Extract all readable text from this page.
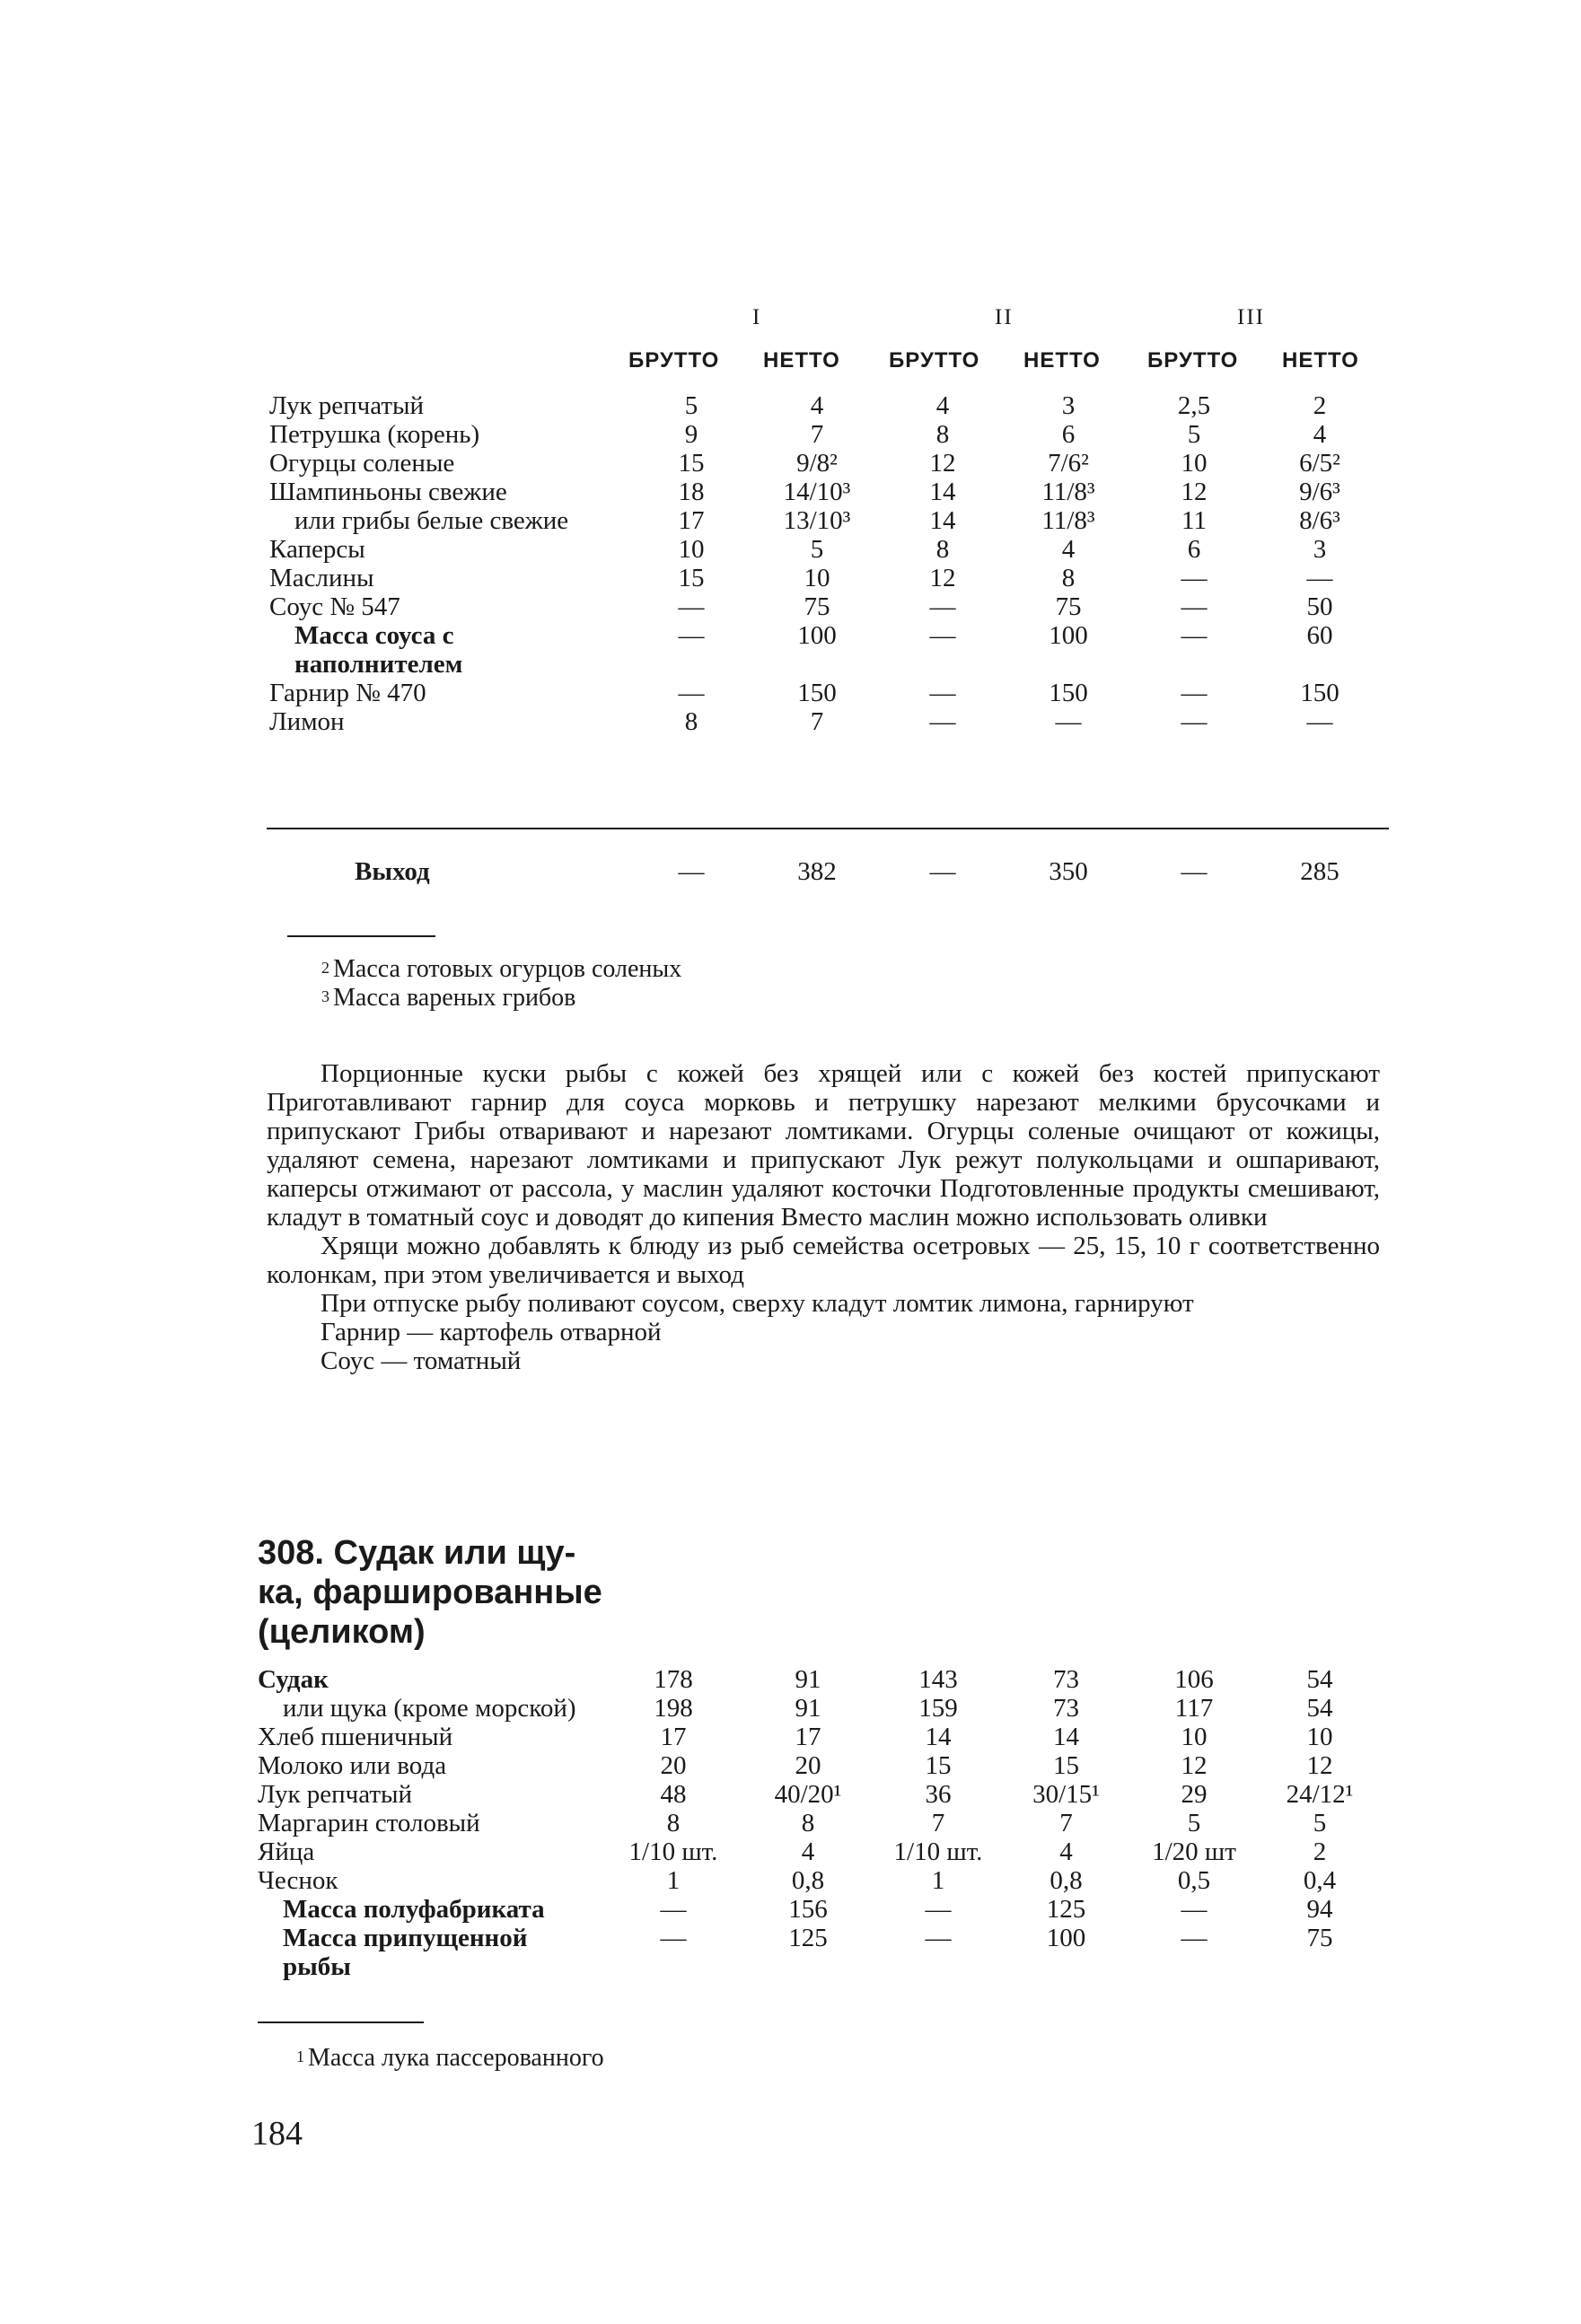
I	II	III
БРУТТО НЕТТО БРУТТО НЕТТО БРУТТО НЕТТО
Лук репчатый	5	4	4	3	2,5	2
Петрушка (корень)	9	7	8	6	5	4
Огурцы соленые	15	9/8²	12	7/6²	10	6/5²
Шампиньоны свежие	18	14/10³	14	11/8³	12	9/6³
или грибы белые свежие	17	13/10³	14	11/8³	11	8/6³
Каперсы	10	5	8	4	6	3
Маслины	15	10	12	8	—	—
Соус № 547	—	75	—	75	—	50
Масса соуса с наполнителем	—	100	—	100	—	60
Гарнир № 470	—	150	—	150	—	150
Лимон	8	7	—	—	—	—
Выход	—	382	—	350	—	285
$^2$ Масса готовых огурцов соленых
$^3$ Масса вареных грибов

Порционные куски рыбы с кожей без хрящей или с кожей без костей припускают Приготавливают гарнир для соуса морковь и петрушку нарезают мелкими брусочками и припускают Грибы отваривают и нарезают ломтиками. Огурцы соленые очищают от кожицы, удаляют семена, нарезают ломтиками и припускают Лук режут полукольцами и ошпаривают, каперсы отжимают от рассола, у маслин удаляют косточки Подготовленные продукты смешивают, кладут в томатный соус и доводят до кипения Вместо маслин можно использовать оливки

Хрящи можно добавлять к блюду из рыб семейства осетровых — 25, 15, 10 г соответственно колонкам, при этом увеличивается и выход

При отпуске рыбу поливают соусом, сверху кладут ломтик лимона, гарнируют

Гарнир — картофель отварной

Соус — томатный

308. Судак или щу-
ка, фаршированные
(целиком)
Судак	178	91	143	73	106	54
или щука (кроме морской)	198	91	159	73	117	54
Хлеб пшеничный	17	17	14	14	10	10
Молоко или вода	20	20	15	15	12	12
Лук репчатый	48	40/20¹	36	30/15¹	29	24/12¹
Маргарин столовый	8	8	7	7	5	5
Яйца	1/10 шт.	4	1/10 шт.	4	1/20 шт	2
Чеснок	1	0,8	1	0,8	0,5	0,4
Масса полуфабриката	—	156	—	125	—	94
Масса припущенной рыбы	—	125	—	100	—	75
$^1$ Масса лука пассерованного
184
